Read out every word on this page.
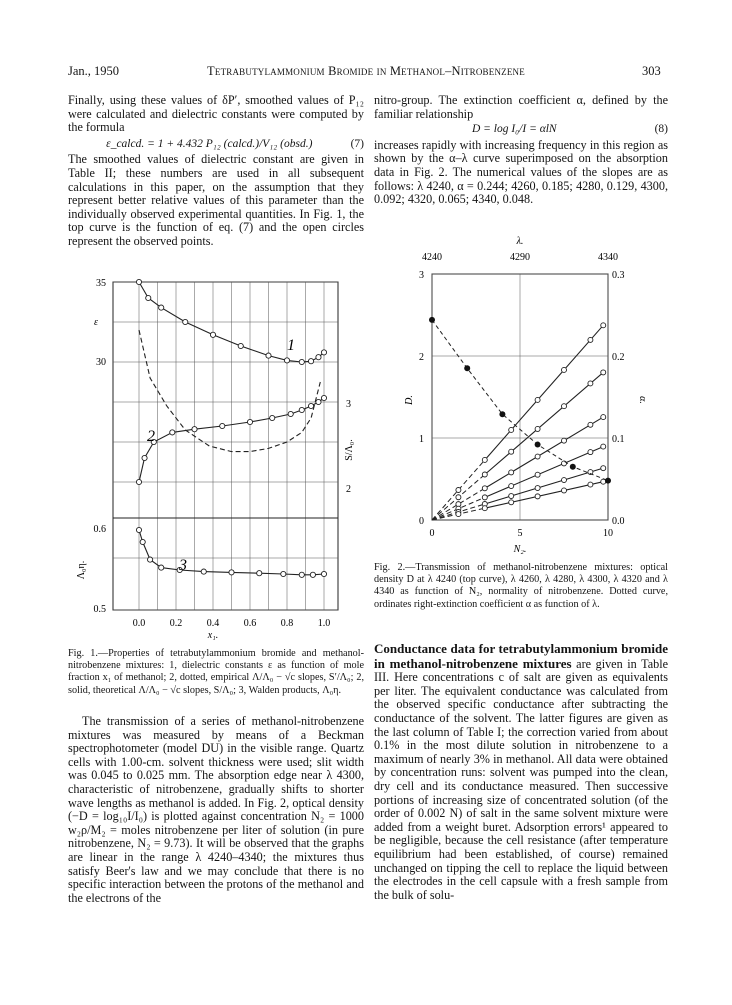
Jan., 1950	Tetrabutylammonium Bromide in Methanol–Nitrobenzene	303
Finally, using these values of δP′, smoothed values of P₁₂ were calculated and dielectric constants were computed by the formula
ε_calcd. = 1 + 4.432 P₁₂ (calcd.)/V₁₂ (obsd.)	(7)
The smoothed values of dielectric constant are given in Table II; these numbers are used in all subsequent calculations in this paper, on the assumption that they represent better relative values of this parameter than the individually observed experimental quantities. In Fig. 1, the top curve is the function of eq. (7) and the open circles represent the observed points.
35
30
0.6
0.5
3
2
0.0 0.2 0.4 0.6 0.8 1.0
x₁.
ε
Λ₀η.
S/Λ₀.
1
2
3
Fig. 1.—Properties of tetrabutylammonium bromide and methanol-nitrobenzene mixtures: 1, dielectric constants ε as function of mole fraction x₁ of methanol; 2, dotted, empirical Λ/Λ₀ − √c slopes, S′/Λ₀; 2, solid, theoretical Λ/Λ₀ − √c slopes, S/Λ₀; 3, Walden products, Λ₀η.
The transmission of a series of methanol-nitrobenzene mixtures was measured by means of a Beckman spectrophotometer (model DU) in the visible range. Quartz cells with 1.00-cm. solvent thickness were used; slit width was 0.045 to 0.025 mm. The absorption edge near λ 4300, characteristic of nitrobenzene, gradually shifts to shorter wave lengths as methanol is added. In Fig. 2, optical density (−D = log₁₀I/I₀) is plotted against concentration N₂ = 1000 w₂ρ/M₂ = moles nitrobenzene per liter of solution (in pure nitrobenzene, N₂ = 9.73). It will be observed that the graphs are linear in the range λ 4240–4340; the mixtures thus satisfy Beer's law and we may conclude that there is no specific interaction between the protons of the methanol and the electrons of the
nitro-group. The extinction coefficient α, defined by the familiar relationship
D = log I₀/I = αlN	(8)
increases rapidly with increasing frequency in this region as shown by the α–λ curve superimposed on the absorption data in Fig. 2. The numerical values of the slopes are as follows: λ 4240, α = 0.244; 4260, 0.185; 4280, 0.129, 4300, 0.092; 4320, 0.065; 4340, 0.048.
λ.
4240	4290	4340
3
2
1
0
0.3
0.2
0.1
0.0
0	5	10
N₂.
D.	α.
Fig. 2.—Transmission of methanol-nitrobenzene mixtures: optical density D at λ 4240 (top curve), λ 4260, λ 4280, λ 4300, λ 4320 and λ 4340 as function of N₂, normality of nitrobenzene. Dotted curve, ordinates right-extinction coefficient α as function of λ.
Conductance data for tetrabutylammonium bromide in methanol-nitrobenzene mixtures are given in Table III. Here concentrations c of salt are given as equivalents per liter. The equivalent conductance was calculated from the observed specific conductance after subtracting the conductance of the solvent. The latter figures are given as the last column of Table I; the correction varied from about 0.1% in the most dilute solution in nitrobenzene to a maximum of nearly 3% in methanol. All data were obtained by concentration runs: solvent was pumped into the clean, dry cell and its conductance measured. Then successive portions of increasing size of concentrated solution (of the order of 0.002 N) of salt in the same solvent mixture were added from a weight buret. Adsorption errors¹ appeared to be negligible, because the cell resistance (after temperature equilibrium had been established, of course) remained unchanged on tipping the cell to replace the liquid between the electrodes in the cell capsule with a fresh sample from the bulk of solu-
